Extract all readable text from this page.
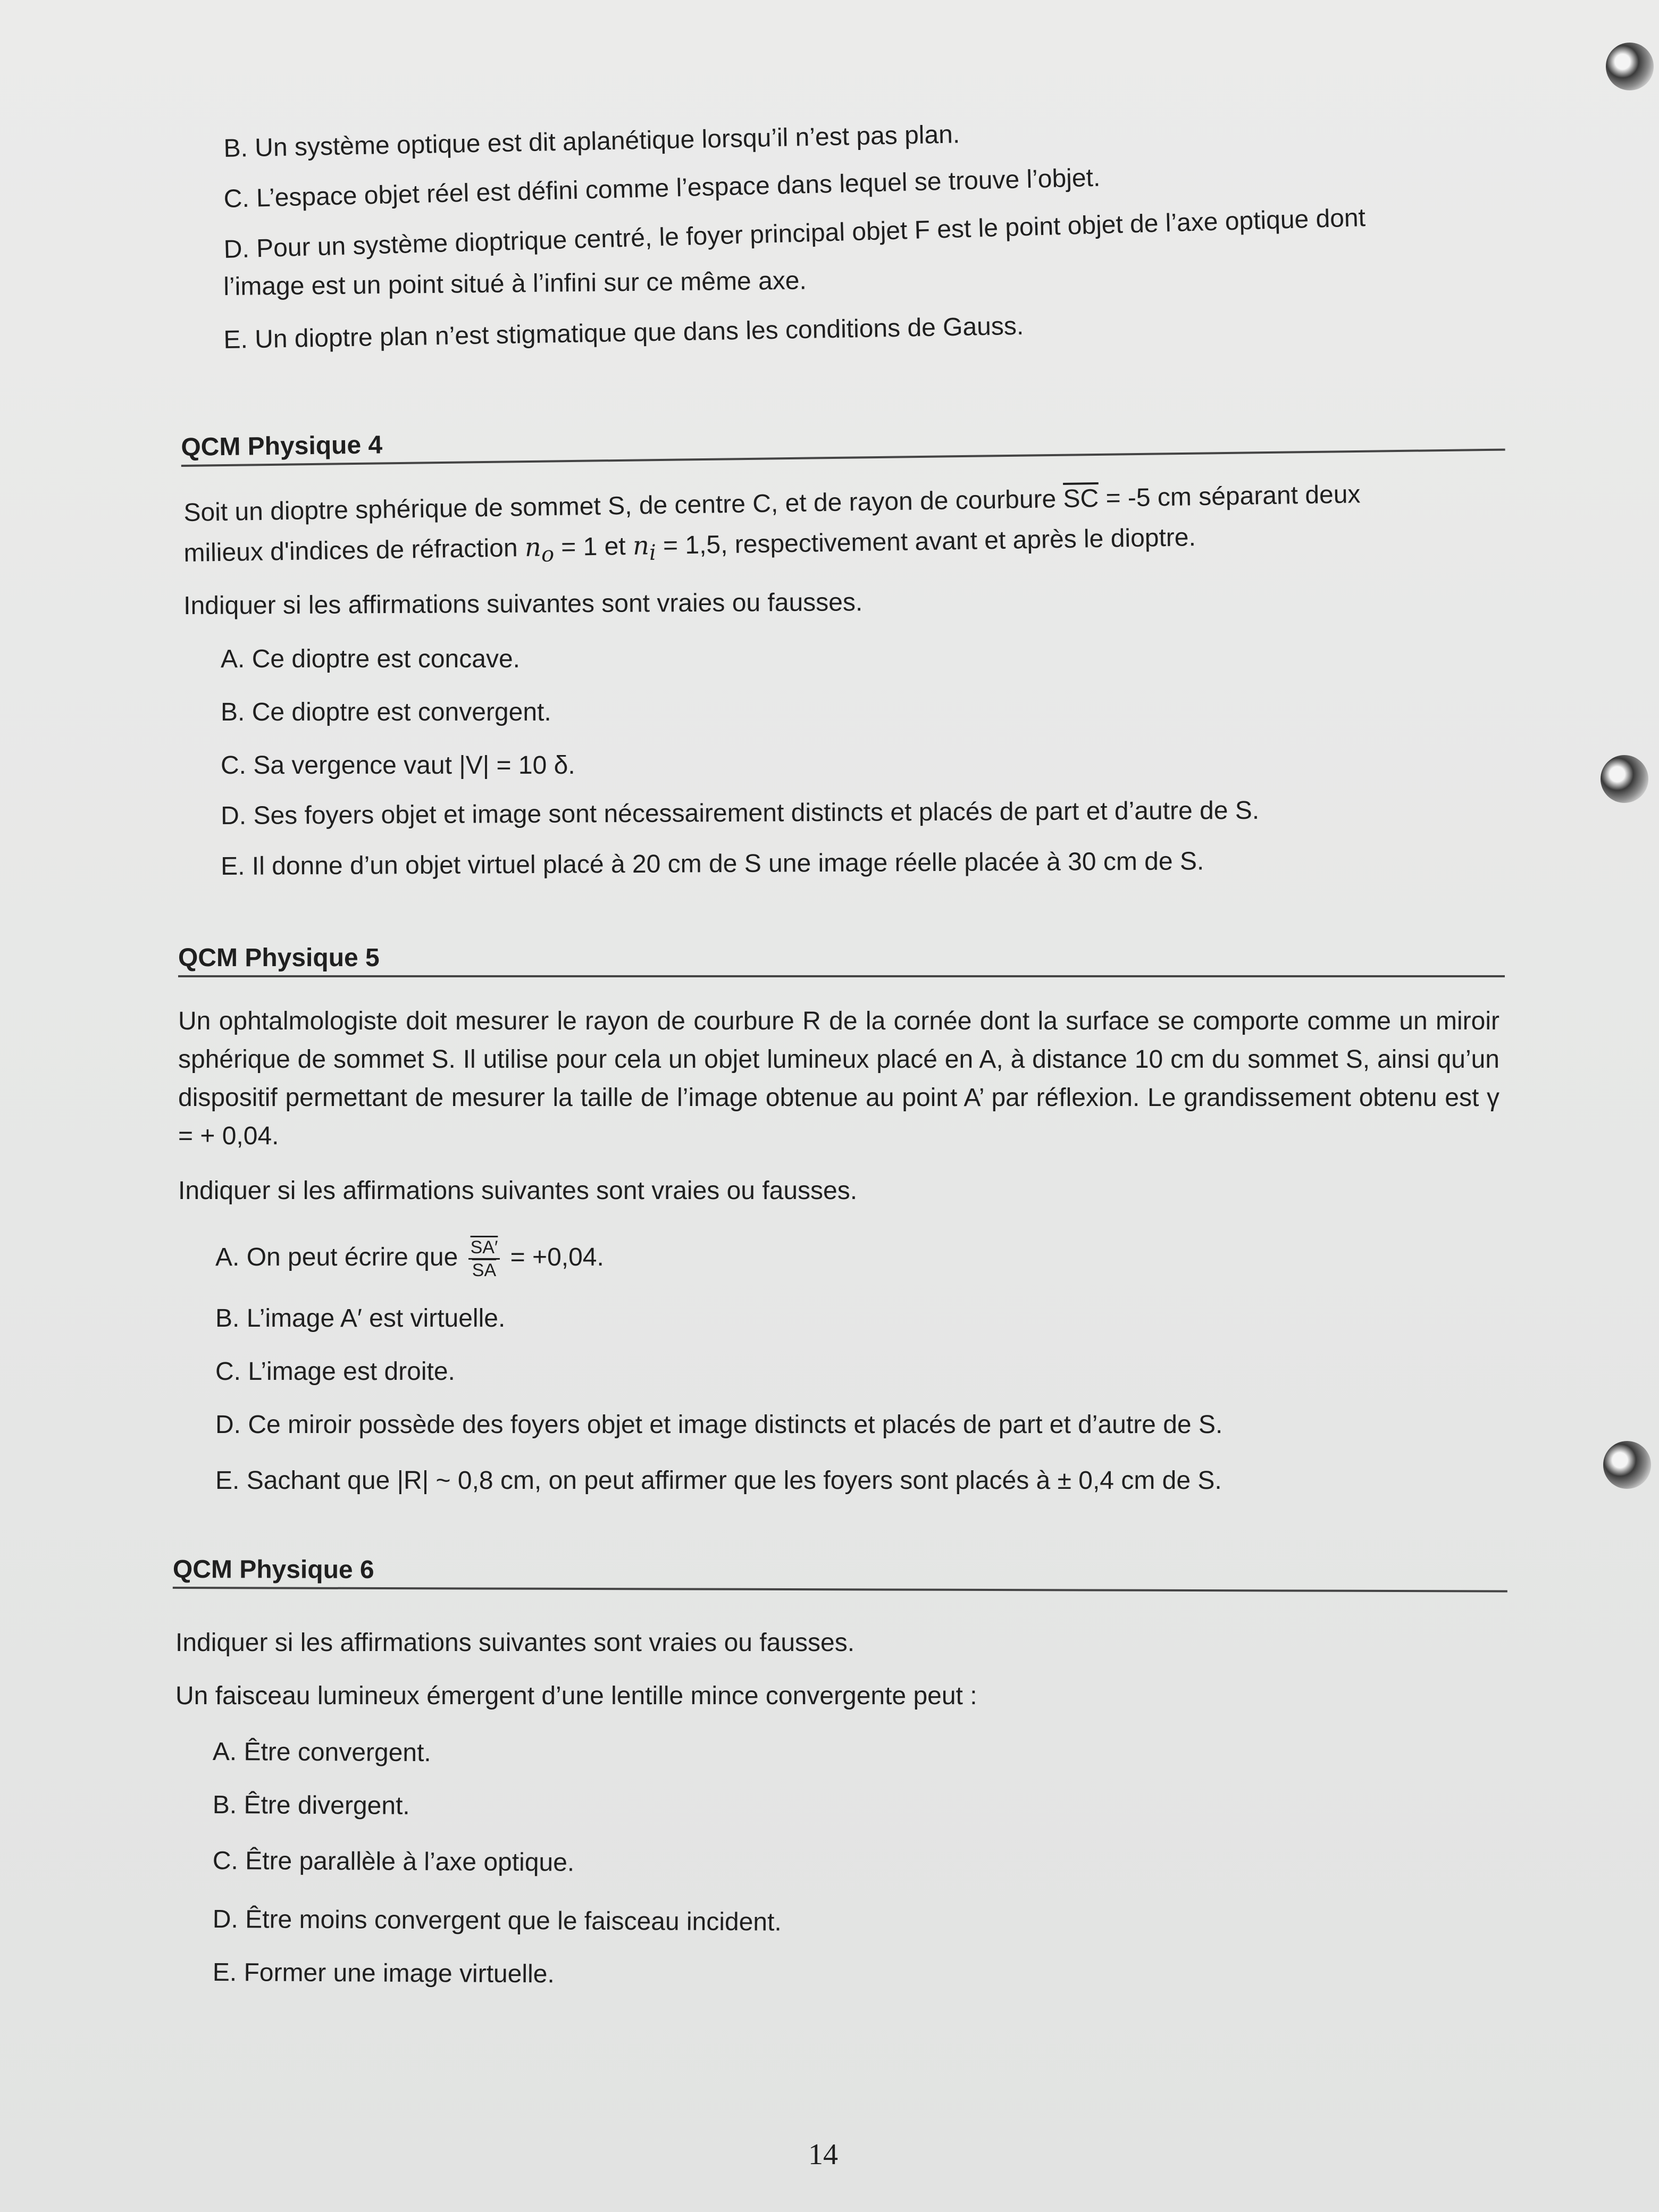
B. Un système optique est dit aplanétique lorsqu’il n’est pas plan.
C. L’espace objet réel est défini comme l’espace dans lequel se trouve l’objet.
D. Pour un système dioptrique centré, le foyer principal objet F est le point objet de l’axe optique dont
l’image est un point situé à l’infini sur ce même axe.
E. Un dioptre plan n’est stigmatique que dans les conditions de Gauss.
QCM Physique 4
Soit un dioptre sphérique de sommet S, de centre C, et de rayon de courbure $\overline{SC} = -5$ cm séparant deux
milieux d'indices de réfraction $n_o = 1$ et $n_i = 1,5$, respectivement avant et après le dioptre.
Indiquer si les affirmations suivantes sont vraies ou fausses.
A. Ce dioptre est concave.
B. Ce dioptre est convergent.
C. Sa vergence vaut |V| = 10 δ.
D. Ses foyers objet et image sont nécessairement distincts et placés de part et d’autre de S.
E. Il donne d’un objet virtuel placé à 20 cm de S une image réelle placée à 30 cm de S.
QCM Physique 5
Un ophtalmologiste doit mesurer le rayon de courbure R de la cornée dont la surface se comporte comme un miroir sphérique de sommet S. Il utilise pour cela un objet lumineux placé en A, à distance 10 cm du sommet S, ainsi qu’un dispositif permettant de mesurer la taille de l’image obtenue au point A’ par réflexion. Le grandissement obtenu est γ = + 0,04.
Indiquer si les affirmations suivantes sont vraies ou fausses.
A. On peut écrire que $\frac{SA'}{SA} = +0,04$.
B. L’image A′ est virtuelle.
C. L’image est droite.
D. Ce miroir possède des foyers objet et image distincts et placés de part et d’autre de S.
E. Sachant que |R| ~ 0,8 cm, on peut affirmer que les foyers sont placés à ± 0,4 cm de S.
QCM Physique 6
Indiquer si les affirmations suivantes sont vraies ou fausses.
Un faisceau lumineux émergent d’une lentille mince convergente peut :
A. Être convergent.
B. Être divergent.
C. Être parallèle à l’axe optique.
D. Être moins convergent que le faisceau incident.
E. Former une image virtuelle.
14
